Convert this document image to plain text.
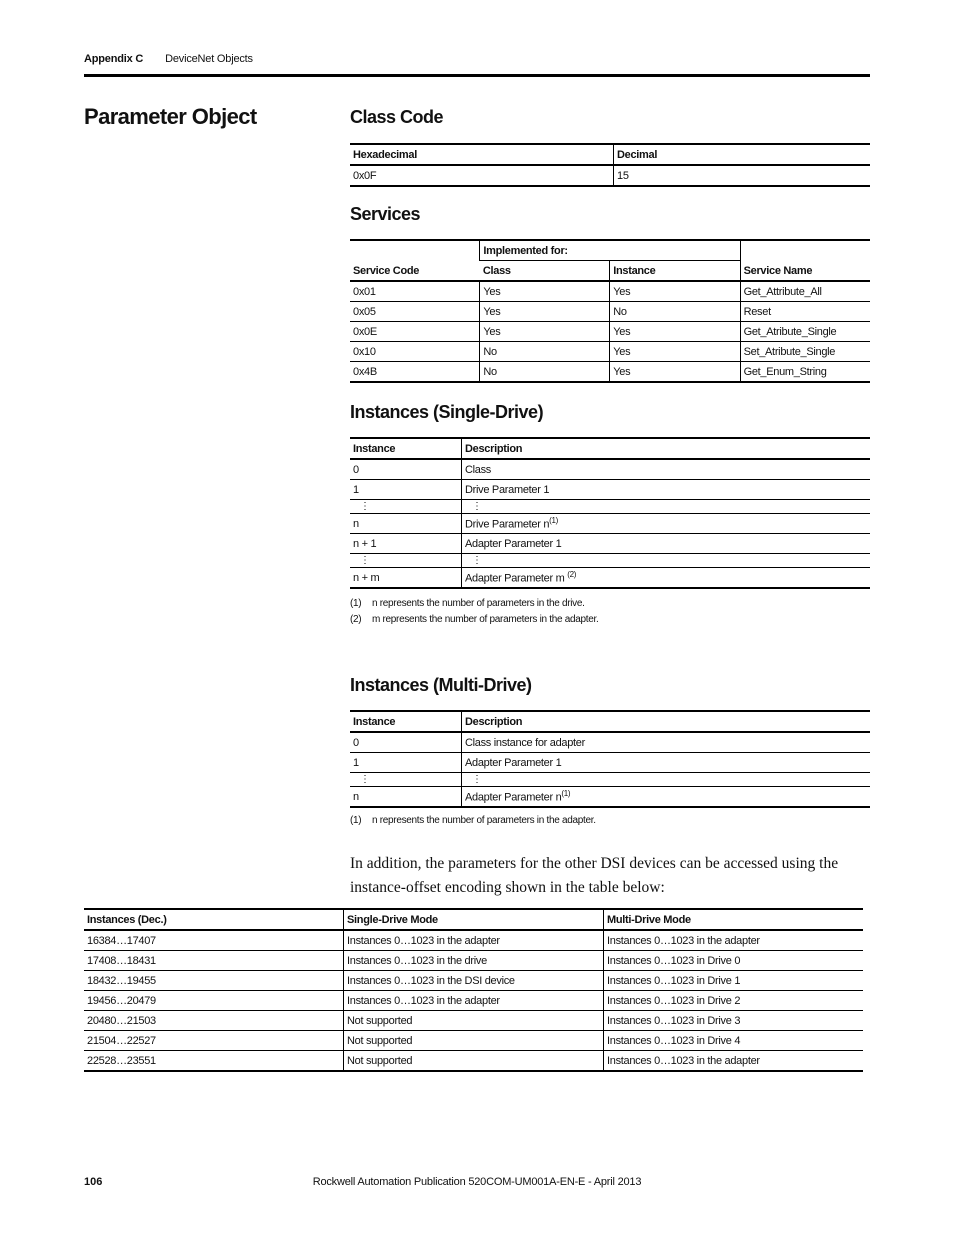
Appendix C DeviceNet Objects
Parameter Object	Class Code
Hexadecimal	Decimal
0x0F	15
Services
Service Code	Implemented for:		Service Name
	Class	Instance	
0x01	Yes	Yes	Get_Attribute_All
0x05	Yes	No	Reset
0x0E	Yes	Yes	Get_Atribute_Single
0x10	No	Yes	Set_Atribute_Single
0x4B	No	Yes	Get_Enum_String
Instances (Single-Drive)
Instance	Description
0	Class
1	Drive Parameter 1
⋮	⋮
n	Drive Parameter $n^{(1)}$
n + 1	Adapter Parameter 1
⋮	⋮
n + m	Adapter Parameter m $^{(2)}$
(1) n represents the number of parameters in the drive.
(2) m represents the number of parameters in the adapter.
Instances (Multi-Drive)
Instance	Description
0	Class instance for adapter
1	Adapter Parameter 1
⋮	⋮
n	Adapter Parameter $n^{(1)}$
(1) n represents the number of parameters in the adapter.
In addition, the parameters for the other DSI devices can be accessed using the instance-offset encoding shown in the table below:
Instances (Dec.)	Single-Drive Mode	Multi-Drive Mode
16384…17407	Instances 0…1023 in the adapter	Instances 0…1023 in the adapter
17408…18431	Instances 0…1023 in the drive	Instances 0…1023 in Drive 0
18432…19455	Instances 0…1023 in the DSI device	Instances 0…1023 in Drive 1
19456…20479	Instances 0…1023 in the adapter	Instances 0…1023 in Drive 2
20480…21503	Not supported	Instances 0…1023 in Drive 3
21504…22527	Not supported	Instances 0…1023 in Drive 4
22528…23551	Not supported	Instances 0…1023 in the adapter
Rockwell Automation Publication 520COM-UM001A-EN-E - April 2013
106
